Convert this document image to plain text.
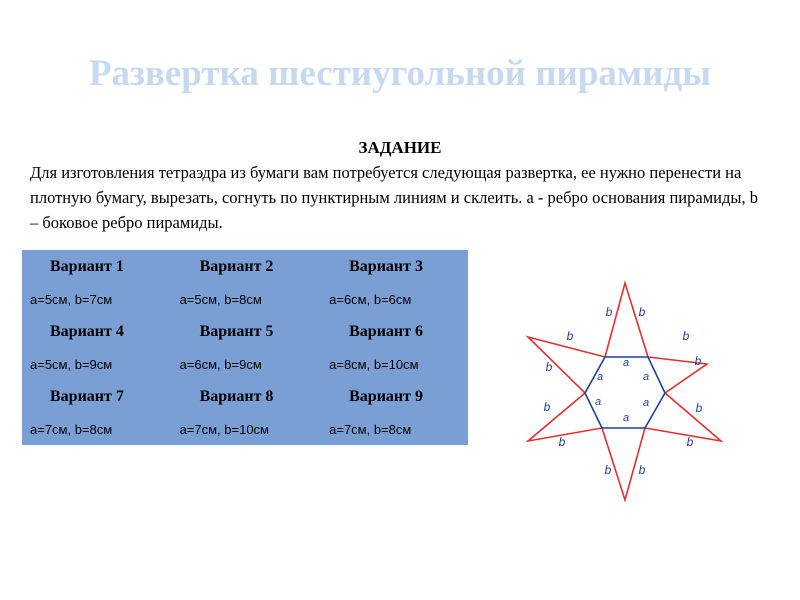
Развертка шестиугольной пирамиды
ЗАДАНИЕ
Для изготовления тетраэдра из бумаги вам потребуется следующая развертка, ее нужно перенести на плотную бумагу, вырезать, согнуть по пунктирным линиям и склеить. а - ребро основания пирамиды, b – боковое ребро пирамиды.
Вариант 1	Вариант 2	Вариант 3
a=5см, b=7см	a=5см, b=8см	a=6см, b=6см
Вариант 4	Вариант 5	Вариант 6
a=5см, b=9см	a=6см, b=9см	a=8см, b=10см
Вариант 7	Вариант 8	Вариант 9
a=7см, b=8см	a=7см, b=10см	a=7см, b=8см
a
a
a
a
a
a
b b
b
b
b
b
b
b
b
b
b
b
